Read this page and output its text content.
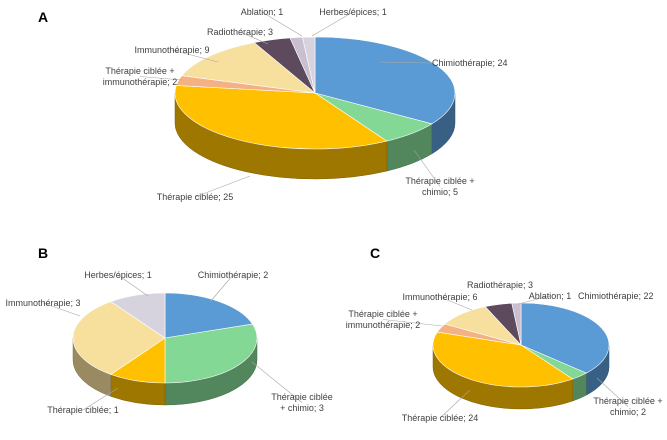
A
Chimiothérapie; 24
Thérapie ciblée + chimio; 5
Thérapie ciblée; 25
Thérapie ciblée + immunothérapie; 2
Immunothérapie; 9
Radiothérapie; 3
Ablation; 1	Herbes/épices; 1
B
Chimiothérapie; 2
Thérapie ciblée + chimio; 3
Thérapie ciblée; 1
Immunothérapie; 3
Herbes/épices; 1
C
Chimiothérapie; 22
Thérapie ciblée + chimio; 2
Thérapie ciblée; 24
Thérapie ciblée + immunothérapie; 2
Immunothérapie; 6
Radiothérapie; 3
Ablation; 1
